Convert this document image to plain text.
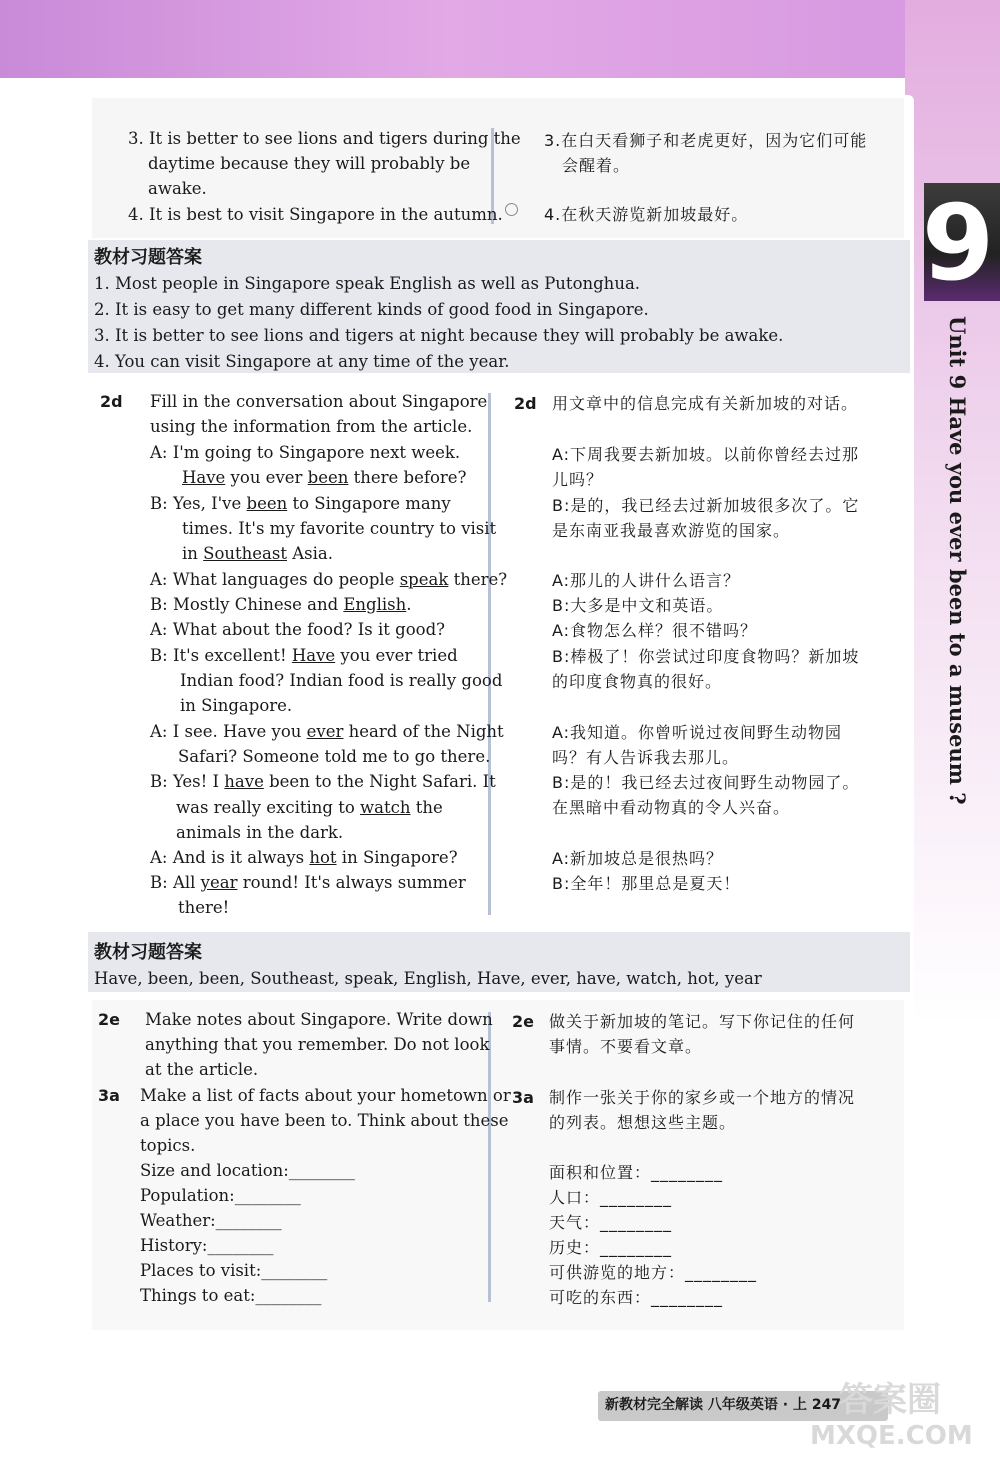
3. It is better to see lions and tigers during the
daytime because they will probably be
awake.
4. It is best to visit Singapore in the autumn.
3.在白天看狮子和老虎更好，因为它们可能
会醒着。
4.在秋天游览新加坡最好。
教材习题答案
1. Most people in Singapore speak English as well as Putonghua.
2. It is easy to get many different kinds of good food in Singapore.
3. It is better to see lions and tigers at night because they will probably be awake.
4. You can visit Singapore at any time of the year.
2d Fill in the conversation about Singapore
using the information from the article.
A: I'm going to Singapore next week.
Have you ever been there before?
B: Yes, I've been to Singapore many
times. It's my favorite country to visit
in Southeast Asia.
A: What languages do people speak there?
B: Mostly Chinese and English.
A: What about the food? Is it good?
B: It's excellent! Have you ever tried
Indian food? Indian food is really good
in Singapore.
A: I see. Have you ever heard of the Night
Safari? Someone told me to go there.
B: Yes! I have been to the Night Safari. It
was really exciting to watch the
animals in the dark.
A: And is it always hot in Singapore?
B: All year round! It's always summer
there!
2d 用文章中的信息完成有关新加坡的对话。
A:下周我要去新加坡。以前你曾经去过那
儿吗？
B:是的，我已经去过新加坡很多次了。它
是东南亚我最喜欢游览的国家。
A:那儿的人讲什么语言？
B:大多是中文和英语。
A:食物怎么样？很不错吗？
B:棒极了！你尝试过印度食物吗？新加坡
的印度食物真的很好。
A:我知道。你曾听说过夜间野生动物园
吗？有人告诉我去那儿。
B:是的！我已经去过夜间野生动物园了。
在黑暗中看动物真的令人兴奋。
A:新加坡总是很热吗？
B:全年！那里总是夏天！
教材习题答案
Have, been, been, Southeast, speak, English, Have, ever, have, watch, hot, year
2e Make notes about Singapore. Write down
anything that you remember. Do not look
at the article.
3a Make a list of facts about your hometown or
a place you have been to. Think about these
topics.
Size and location:________
Population:________
Weather:________
History:________
Places to visit:________
Things to eat:________
2e 做关于新加坡的笔记。写下你记住的任何
事情。不要看文章。
3a 制作一张关于你的家乡或一个地方的情况
的列表。想想这些主题。
面积和位置：________
人口：________
天气：________
历史：________
可供游览的地方：________
可吃的东西：________
9
Unit 9 Have you ever been to a museum ?
新教材完全解读 八年级英语 · 上 247
答案圈
MXQE.COM
